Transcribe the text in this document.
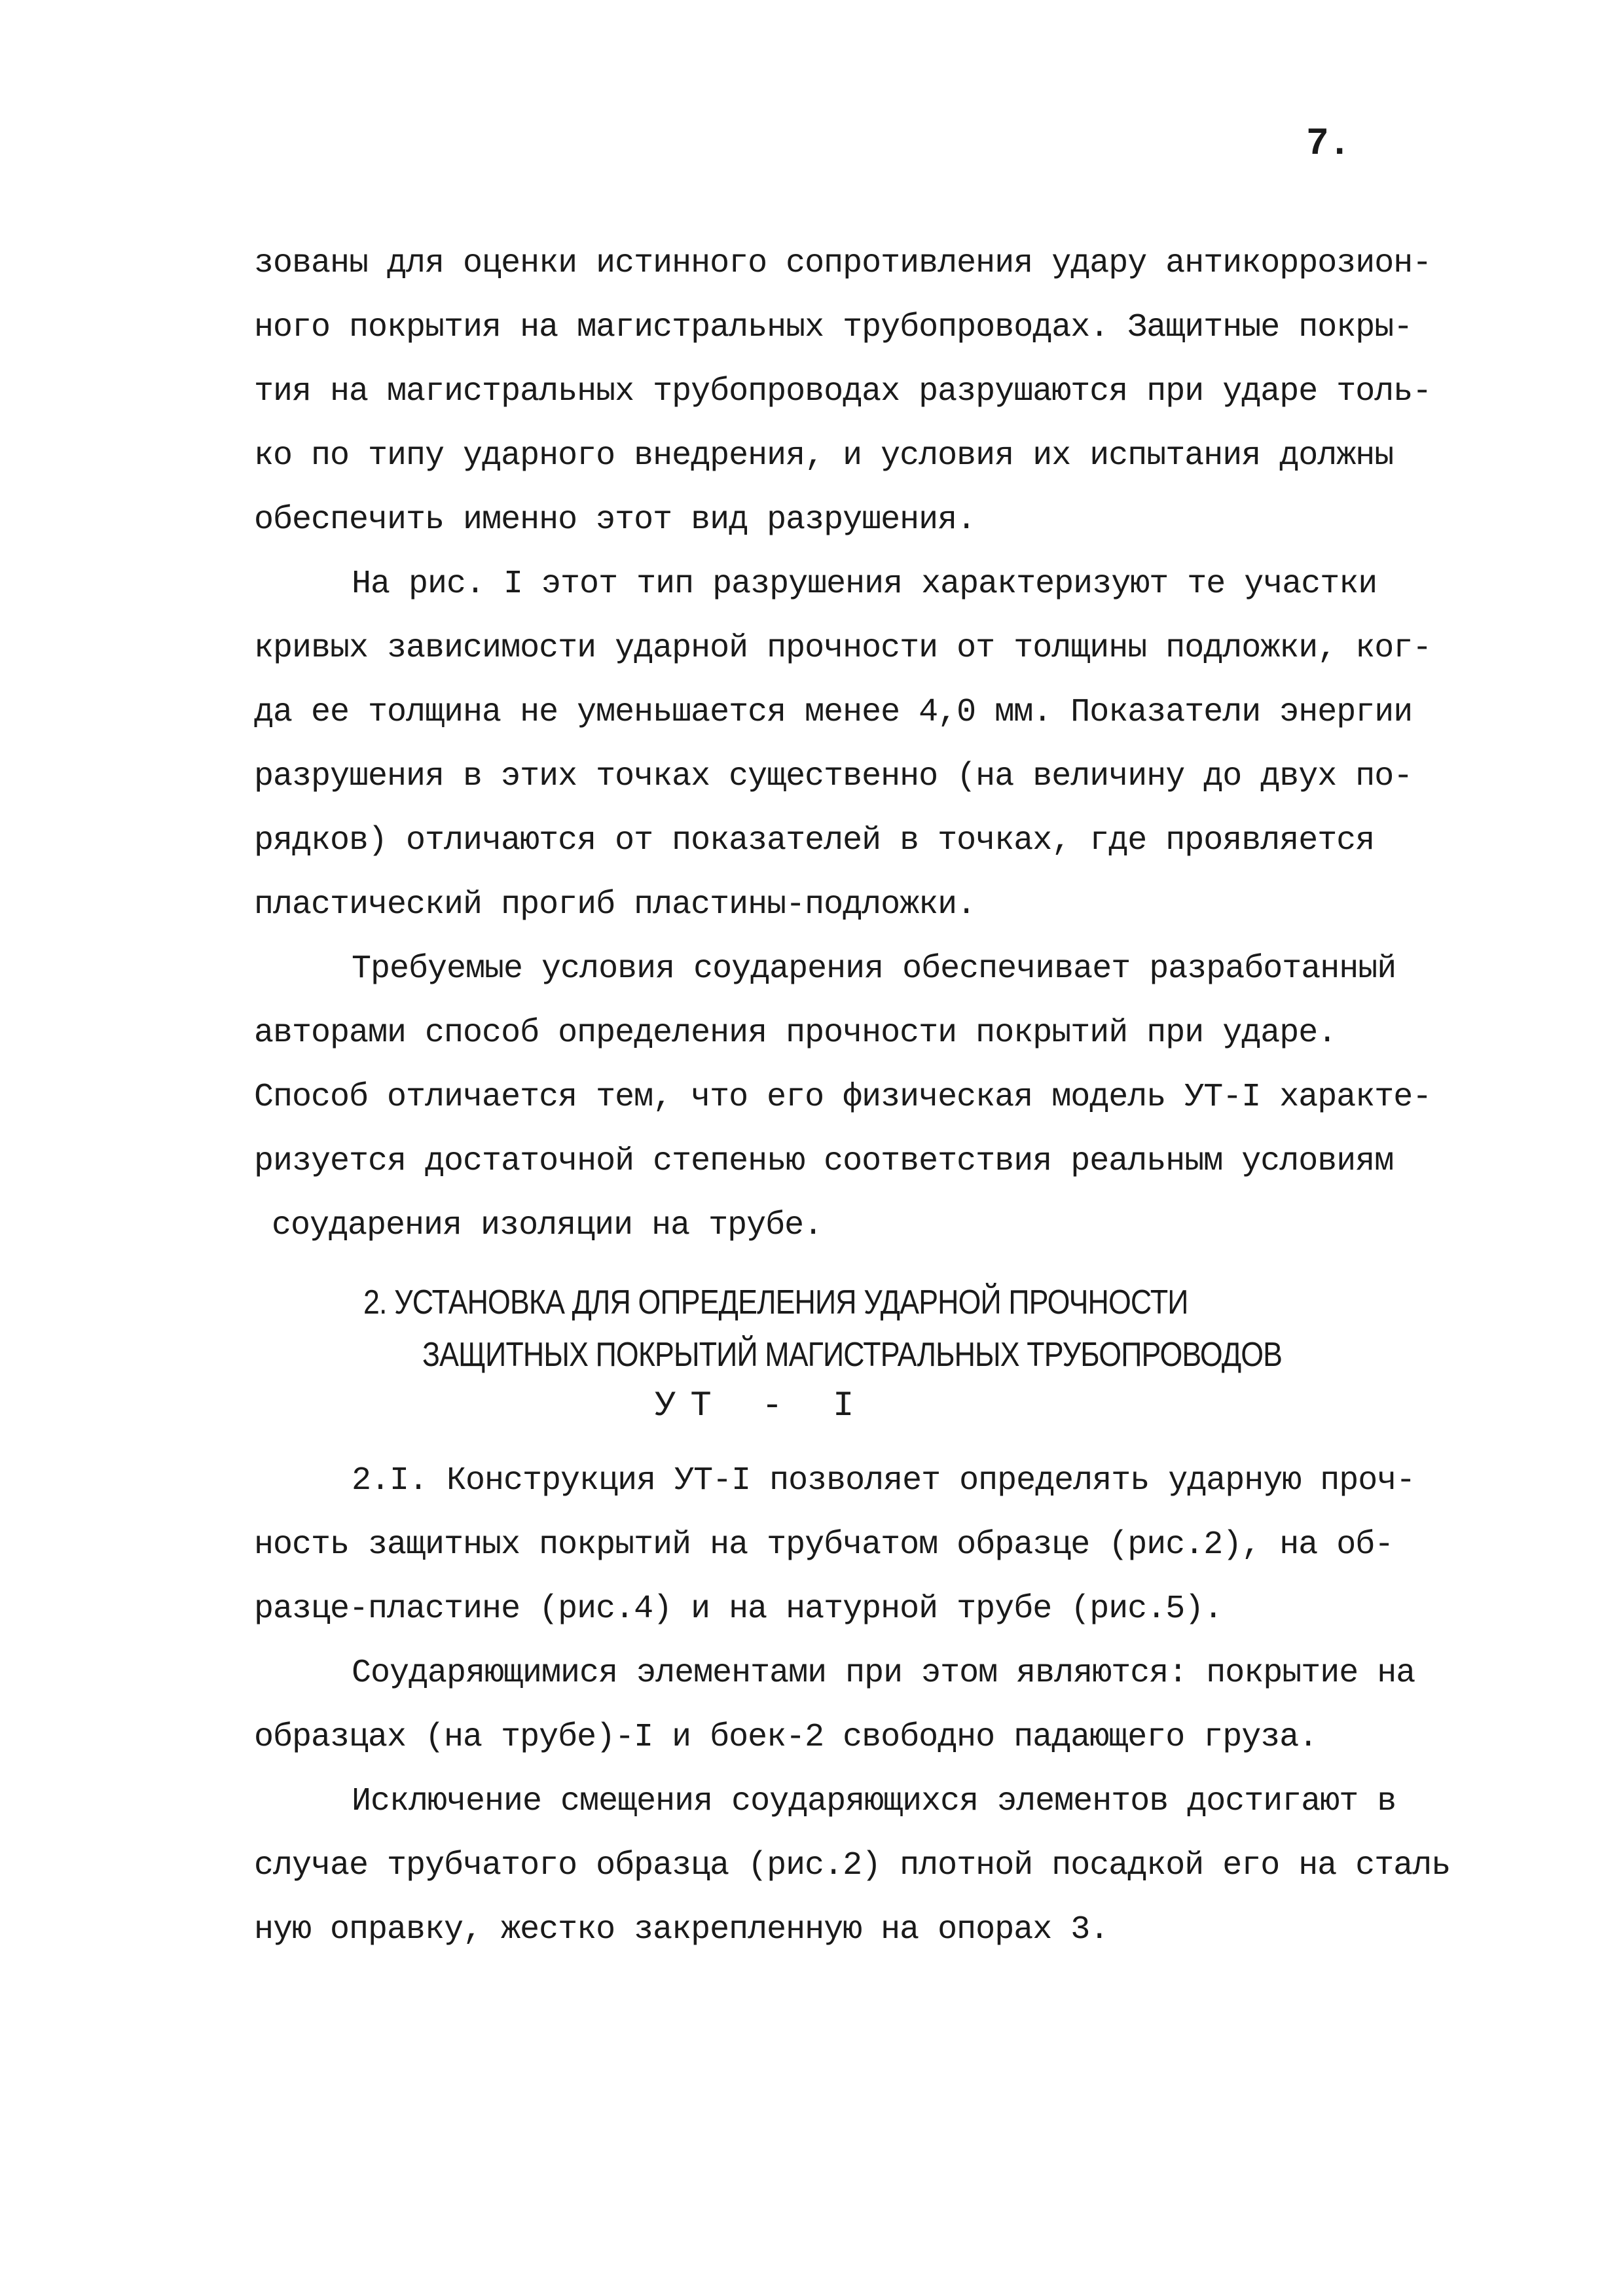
7.
зованы для оценки истинного сопротивления удару антикоррозион-
ного покрытия на магистральных трубопроводах. Защитные покры-
тия на магистральных трубопроводах разрушаются при ударе толь-
ко по типу ударного внедрения, и условия их испытания должны
обеспечить именно этот вид разрушения.
На рис. I этот тип разрушения характеризуют те участки
кривых зависимости ударной прочности от толщины подложки, ког-
да ее толщина не уменьшается менее 4,0 мм. Показатели энергии
разрушения в этих точках существенно (на величину до двух по-
рядков) отличаются от показателей в точках, где проявляется
пластический прогиб пластины-подложки.
Требуемые условия соударения обеспечивает разработанный
авторами способ определения прочности покрытий при ударе.
Способ отличается тем, что его физическая модель УТ-I характе-
ризуется достаточной степенью соответствия реальным условиям
соударения изоляции на трубе.
2. УСТАНОВКА ДЛЯ ОПРЕДЕЛЕНИЯ УДАРНОЙ ПРОЧНОСТИ
ЗАЩИТНЫХ ПОКРЫТИЙ МАГИСТРАЛЬНЫХ ТРУБОПРОВОДОВ
УТ - I
2.I. Конструкция УТ-I позволяет определять ударную проч-
ность защитных покрытий на трубчатом образце (рис.2), на об-
разце-пластине (рис.4) и на натурной трубе (рис.5).
Соударяющимися элементами при этом являются: покрытие на
образцах (на трубе)-I и боек-2 свободно падающего груза.
Исключение смещения соударяющихся элементов достигают в
случае трубчатого образца (рис.2) плотной посадкой его на сталь
ную оправку, жестко закрепленную на опорах 3.
